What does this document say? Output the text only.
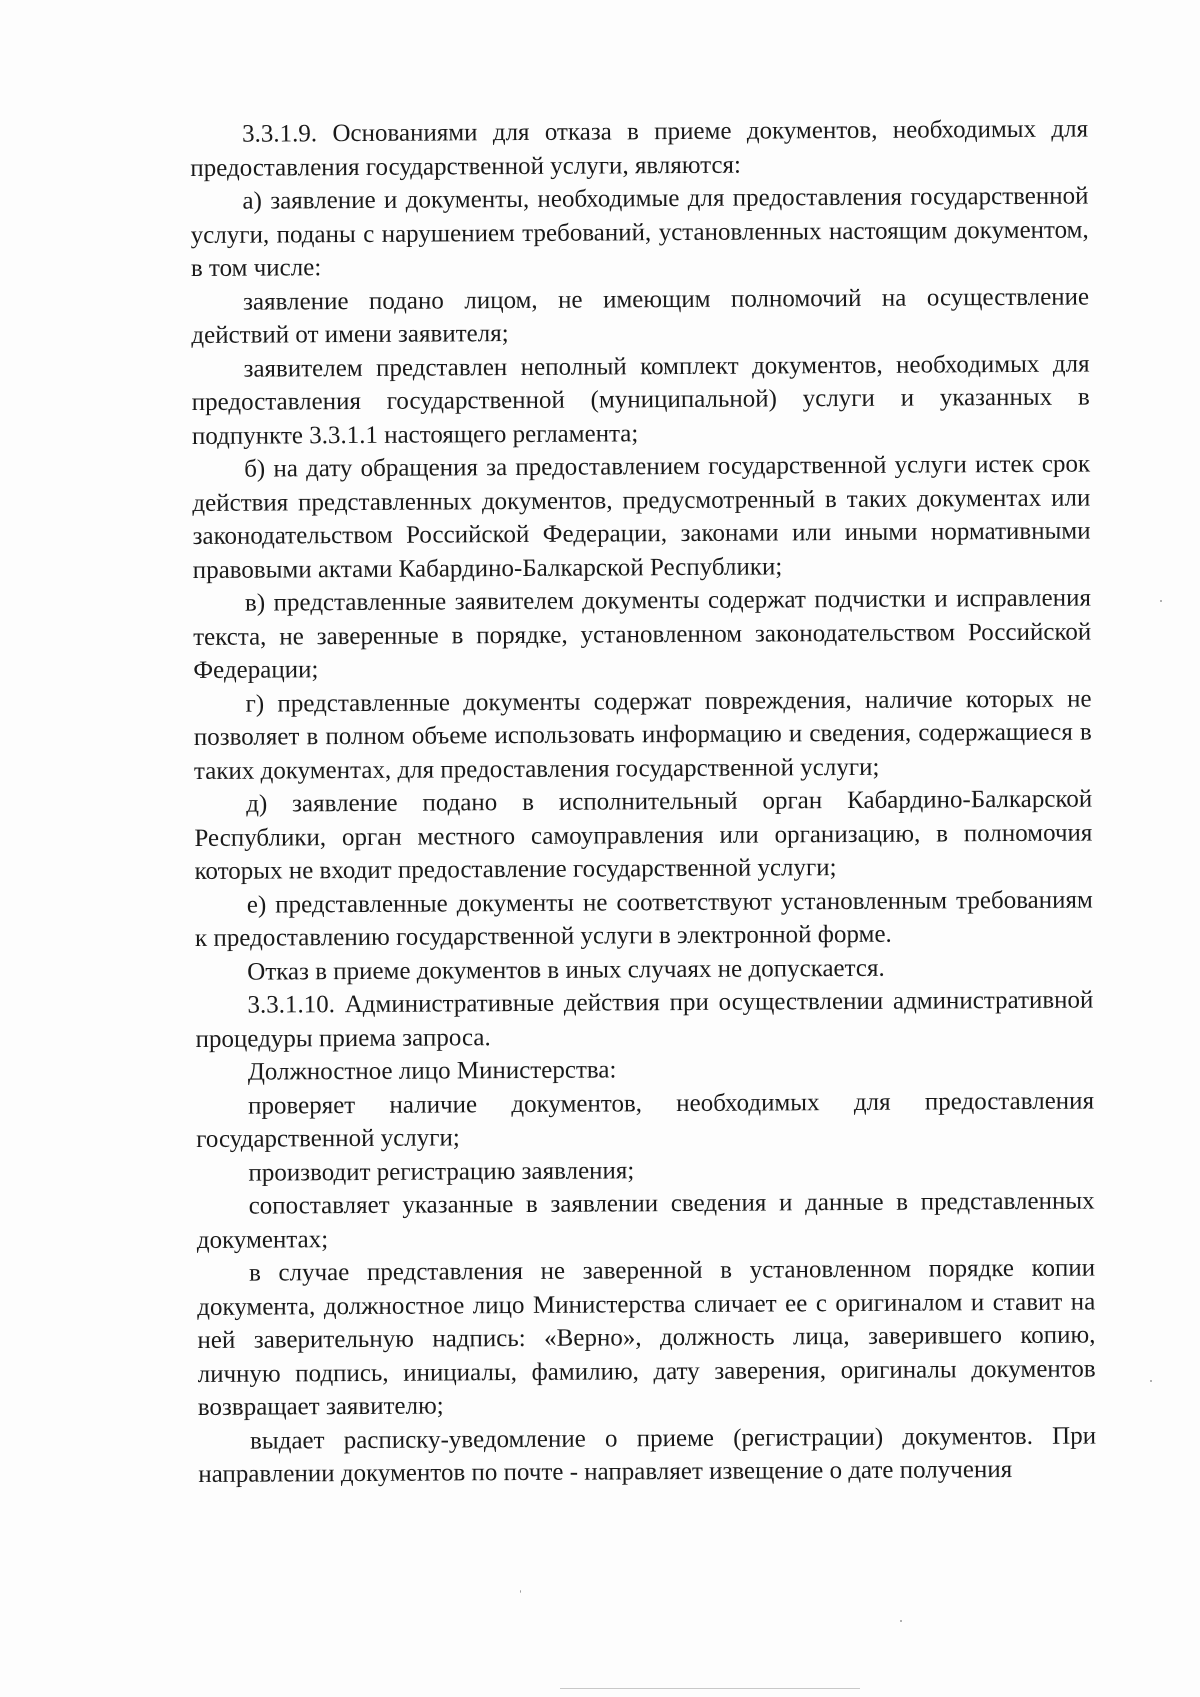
3.3.1.9. Основаниями для отказа в приеме документов, необходимых для предоставления государственной услуги, являются:

а) заявление и документы, необходимые для предоставления государственной услуги, поданы с нарушением требований, установленных настоящим документом, в том числе:

заявление подано лицом, не имеющим полномочий на осуществление действий от имени заявителя;

заявителем представлен неполный комплект документов, необходимых для предоставления государственной (муниципальной) услуги и указанных в подпункте 3.3.1.1 настоящего регламента;

б) на дату обращения за предоставлением государственной услуги истек срок действия представленных документов, предусмотренный в таких документах или законодательством Российской Федерации, законами или иными нормативными правовыми актами Кабардино-Балкарской Республики;

в) представленные заявителем документы содержат подчистки и исправления текста, не заверенные в порядке, установленном законодательством Российской Федерации;

г) представленные документы содержат повреждения, наличие которых не позволяет в полном объеме использовать информацию и сведения, содержащиеся в таких документах, для предоставления государственной услуги;

д) заявление подано в исполнительный орган Кабардино-Балкарской Республики, орган местного самоуправления или организацию, в полномочия которых не входит предоставление государственной услуги;

е) представленные документы не соответствуют установленным требованиям к предоставлению государственной услуги в электронной форме.

Отказ в приеме документов в иных случаях не допускается.

3.3.1.10. Административные действия при осуществлении административной процедуры приема запроса.

Должностное лицо Министерства:

проверяет наличие документов, необходимых для предоставления государственной услуги;

производит регистрацию заявления;

сопоставляет указанные в заявлении сведения и данные в представленных документах;

в случае представления не заверенной в установленном порядке копии документа, должностное лицо Министерства сличает ее с оригиналом и ставит на ней заверительную надпись: «Верно», должность лица, заверившего копию, личную подпись, инициалы, фамилию, дату заверения, оригиналы документов возвращает заявителю;

выдает расписку-уведомление о приеме (регистрации) документов. При направлении документов по почте - направляет извещение о дате получения
